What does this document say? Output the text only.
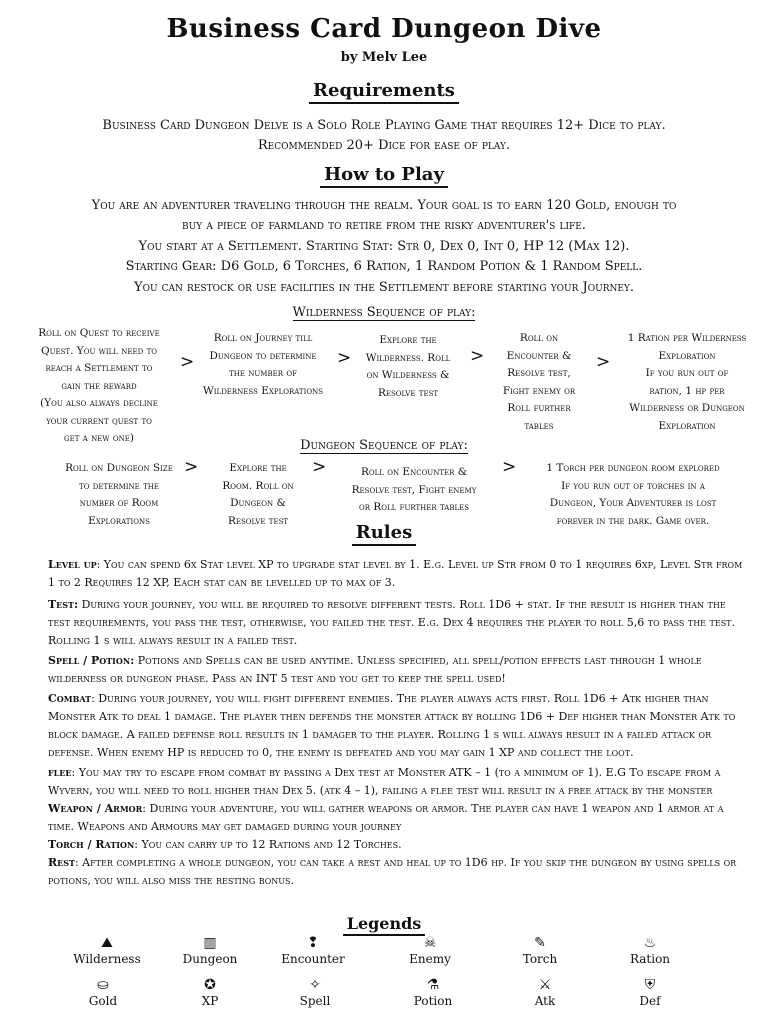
Business Card Dungeon Dive
by Melv Lee
Requirements
Business Card Dungeon Delve is a Solo Role Playing Game that requires 12+ Dice to play.
Recommended 20+ Dice for ease of play.
How to Play
You are an adventurer traveling through the realm. Your goal is to earn 120 Gold, enough to
buy a piece of farmland to retire from the risky adventurer's life.
You start at a Settlement. Starting Stat: Str 0, Dex 0, Int 0, HP 12 (Max 12).
Starting Gear: D6 Gold, 6 Torches, 6 Ration, 1 Random Potion & 1 Random Spell.
You can restock or use facilities in the Settlement before starting your Journey.
Wilderness Sequence of play:
Roll on Quest to receive
Quest. You will need to
reach a Settlement to
gain the reward
(You also always decline
your current quest to
get a new one)
>
Roll on Journey till
Dungeon to determine
the number of
Wilderness Explorations
>
Explore the
Wilderness. Roll
on Wilderness &
Resolve test
>
Roll on
Encounter &
Resolve test,
Fight enemy or
Roll further
tables
>
1 Ration per Wilderness
Exploration
If you run out of
ration, 1 hp per
Wilderness or Dungeon
Exploration
Dungeon Sequence of play:
Roll on Dungeon Size
to determine the
number of Room
Explorations
>	Explore the
Room. Roll on
Dungeon &
Resolve test
>	Roll on Encounter &
Resolve test, Fight enemy
or Roll further tables
>	1 Torch per dungeon room explored
If you run out of torches in a
Dungeon, Your Adventurer is lost
forever in the dark. Game over.
Rules

Level up: You can spend 6x Stat level XP to upgrade stat level by 1. E.g. Level up Str from 0 to 1 requires 6xp, Level Str from 1 to 2 Requires 12 XP, Each stat can be levelled up to max of 3.

Test: During your journey, you will be required to resolve different tests. Roll 1D6 + stat. If the result is higher than the test requirements, you pass the test, otherwise, you failed the test. E.g. Dex 4 requires the player to roll 5,6 to pass the test. Rolling 1 s will always result in a failed test.

Spell / Potion: Potions and Spells can be used anytime. Unless specified, all spell/potion effects last through 1 whole wilderness or dungeon phase. Pass an INT 5 test and you get to keep the spell used!

Combat: During your journey, you will fight different enemies. The player always acts first. Roll 1D6 + Atk higher than Monster Atk to deal 1 damage. The player then defends the monster attack by rolling 1D6 + Def higher than Monster Atk to block damage. A failed defense roll results in 1 damager to the player. Rolling 1 s will always result in a failed attack or defense. When enemy HP is reduced to 0, the enemy is defeated and you may gain 1 XP and collect the loot.

flee: You may try to escape from combat by passing a Dex test at Monster ATK – 1 (to a minimum of 1). E.G To escape from a Wyvern, you will need to roll higher than Dex 5. (atk 4 – 1), failing a flee test will result in a free attack by the monster

Weapon / Armor: During your adventure, you will gather weapons or armor. The player can have 1 weapon and 1 armor at a time. Weapons and Armours may get damaged during your journey

Torch / Ration: You can carry up to 12 Rations and 12 Torches.

Rest: After completing a whole dungeon, you can take a rest and heal up to 1D6 hp. If you skip the dungeon by using spells or potions, you will also miss the resting bonus.

Legends
⛰
Wilderness
▥
Dungeon
❢
Encounter
☠
Enemy
✎
Torch
♨
Ration
⛀
Gold
✪
XP
✧
Spell
⚗
Potion
⚔
Atk
⛨
Def
